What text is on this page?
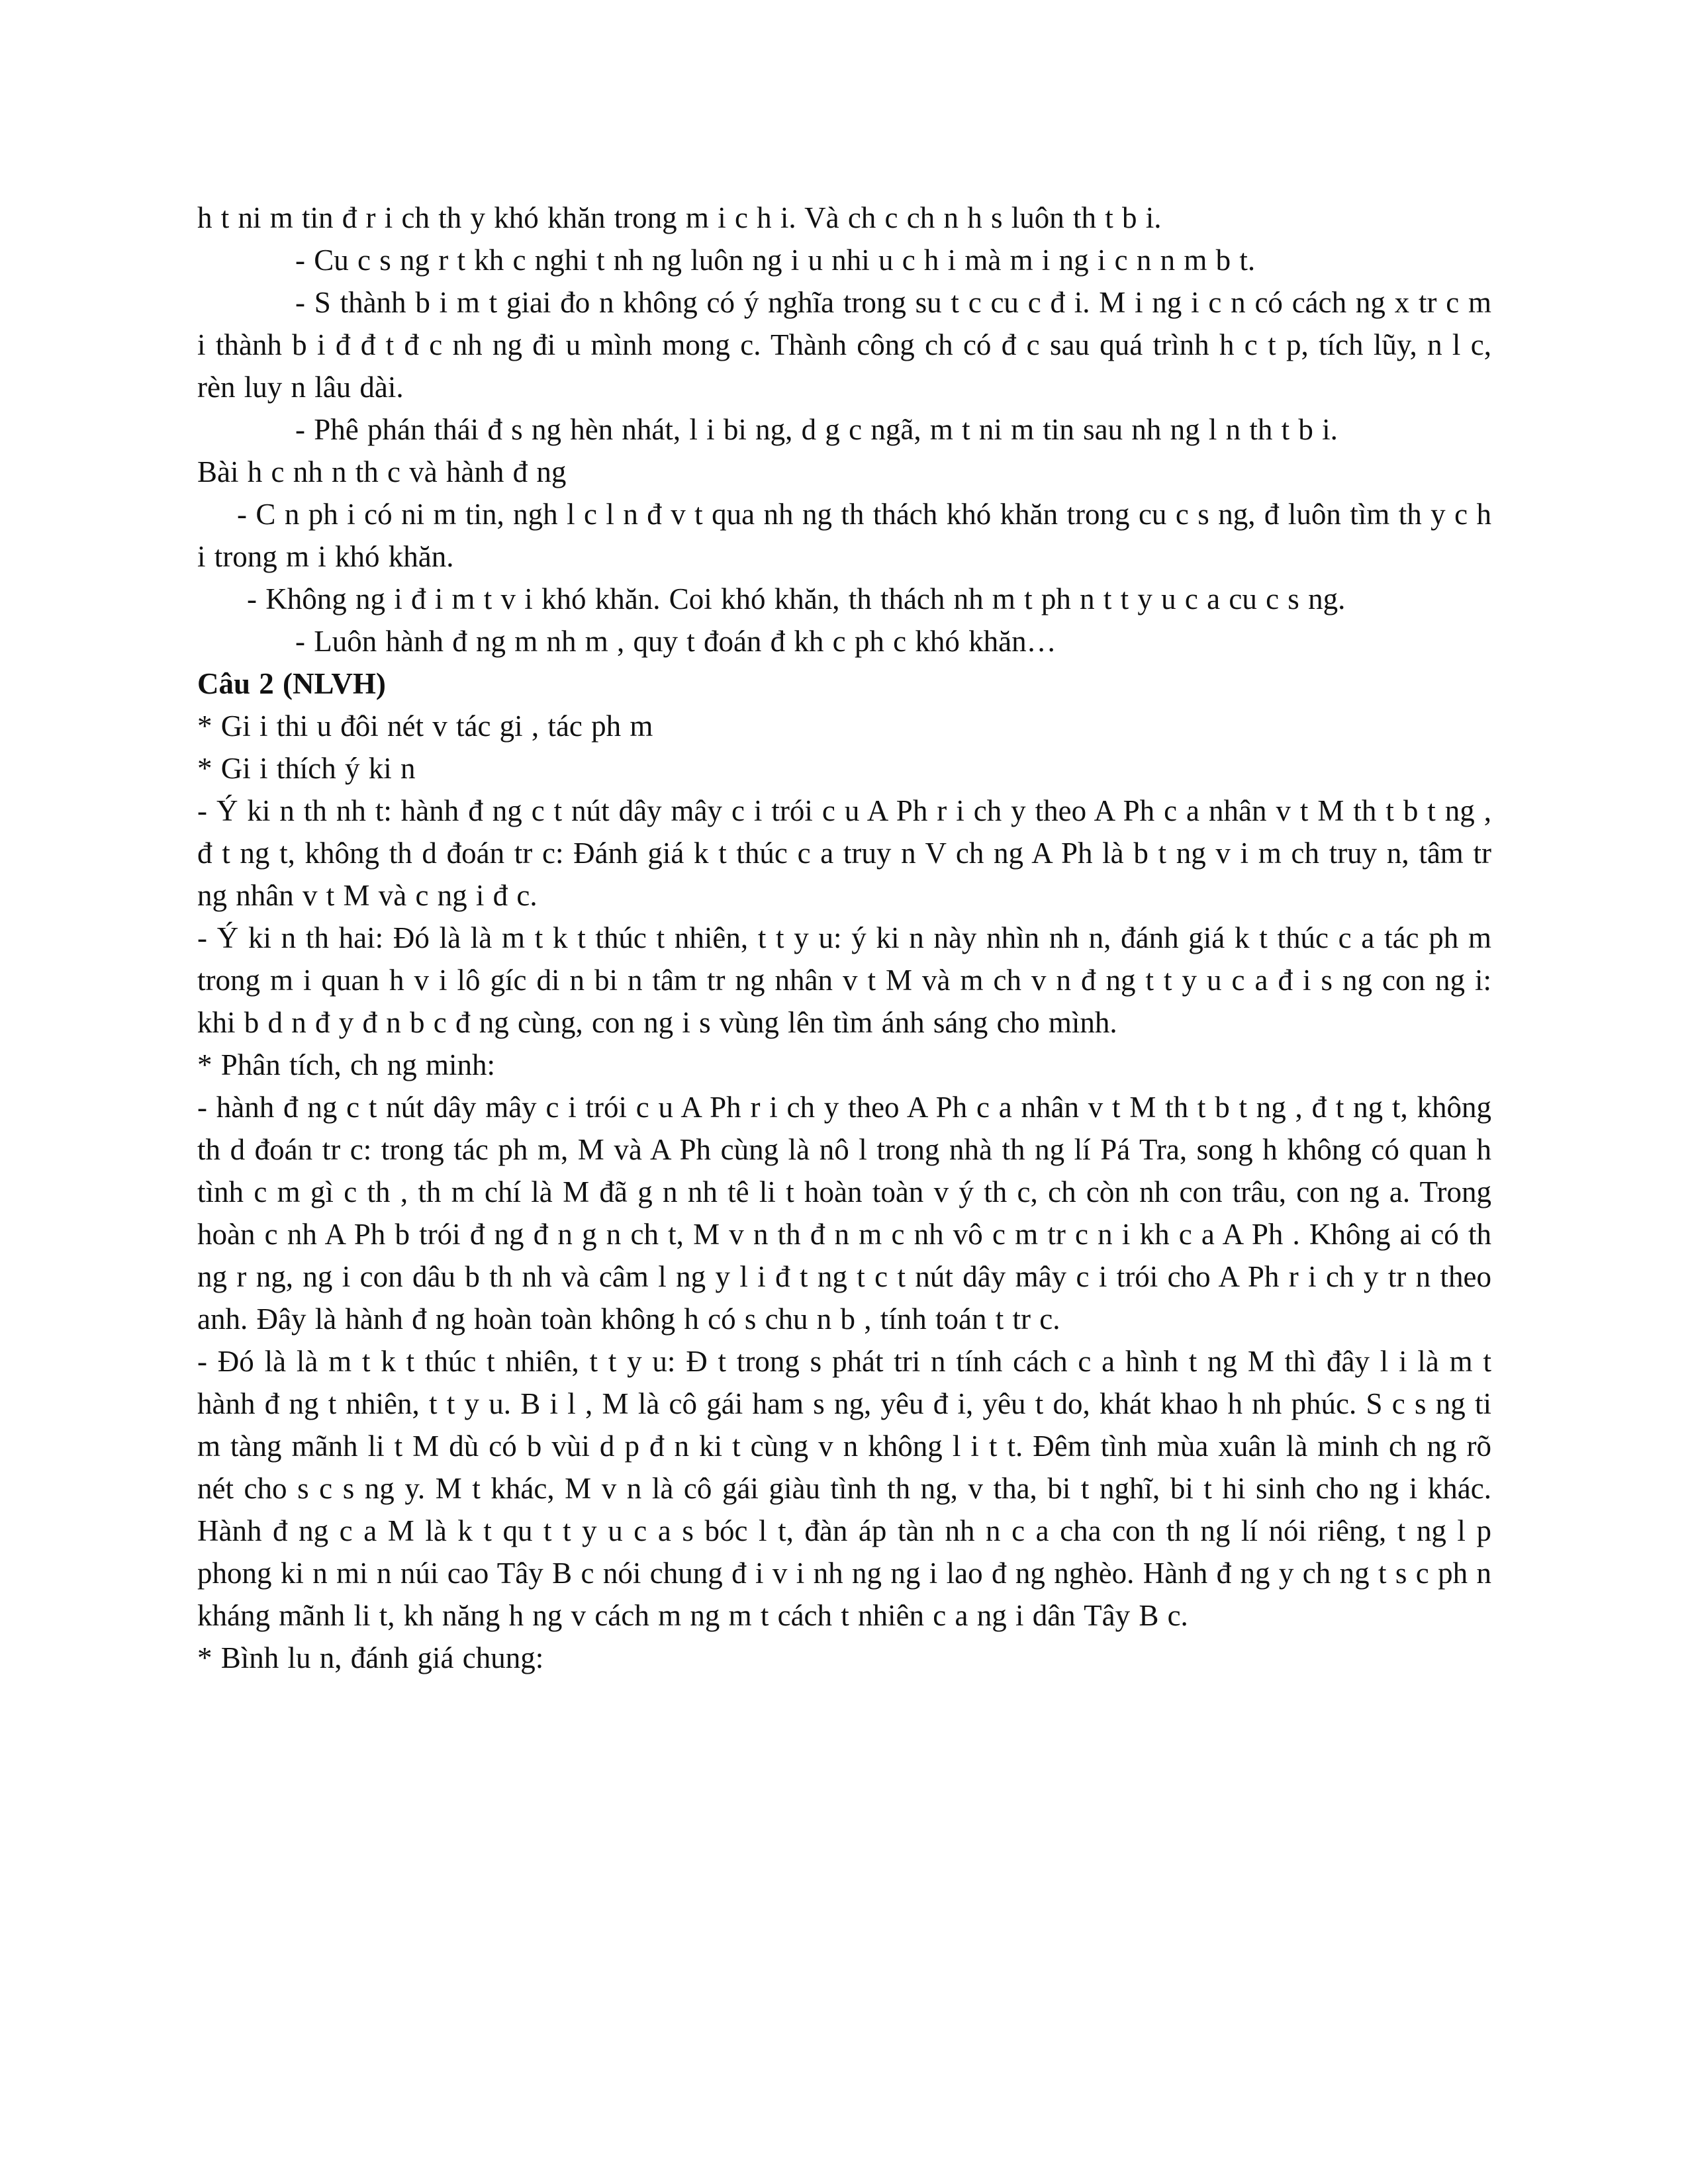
h t ni m tin đ r i ch th y khó khăn trong m i c h i. Và ch c ch n h s luôn th t b i.

- Cu c s ng r t kh c nghi t nh ng luôn ng i u nhi u c h i mà m i ng i c n n m b t.

- S thành b i m t giai đo n không có ý nghĩa trong su t c cu c đ i. M i ng i c n có cách ng x tr c m i thành b i đ đ t đ c nh ng đi u mình mong c. Thành công ch có đ c sau quá trình h c t p, tích lũy, n l c, rèn luy n lâu dài.

- Phê phán thái đ s ng hèn nhát, l i bi ng, d g c ngã, m t ni m tin sau nh ng l n th t b i.

Bài h c nh n th c và hành đ ng

- C n ph i có ni m tin, ngh l c l n đ v t qua nh ng th thách khó khăn trong cu c s ng, đ luôn tìm th y c h i trong m i khó khăn.

- Không ng i đ i m t v i khó khăn. Coi khó khăn, th thách nh m t ph n t t y u c a cu c s ng.

- Luôn hành đ ng m nh m , quy t đoán đ kh c ph c khó khăn…

Câu 2 (NLVH)

* Gi i thi u đôi nét v tác gi , tác ph m

* Gi i thích ý ki n

- Ý ki n th nh t: hành đ ng c t nút dây mây c i trói c u A Ph r i ch y theo A Ph c a nhân v t M th t b t ng , đ t ng t, không th d đoán tr c: Đánh giá k t thúc c a truy n V ch ng A Ph là b t ng v i m ch truy n, tâm tr ng nhân v t M và c ng i đ c.

- Ý ki n th hai: Đó là là m t k t thúc t nhiên, t t y u: ý ki n này nhìn nh n, đánh giá k t thúc c a tác ph m trong m i quan h v i lô gíc di n bi n tâm tr ng nhân v t M và m ch v n đ ng t t y u c a đ i s ng con ng i: khi b d n đ y đ n b c đ ng cùng, con ng i s vùng lên tìm ánh sáng cho mình.

* Phân tích, ch ng minh:

- hành đ ng c t nút dây mây c i trói c u A Ph r i ch y theo A Ph c a nhân v t M th t b t ng , đ t ng t, không th d đoán tr c: trong tác ph m, M và A Ph cùng là nô l trong nhà th ng lí Pá Tra, song h không có quan h tình c m gì c th , th m chí là M đã g n nh tê li t hoàn toàn v ý th c, ch còn nh con trâu, con ng a. Trong hoàn c nh A Ph b trói đ ng đ n g n ch t, M v n th đ n m c nh vô c m tr c n i kh c a A Ph . Không ai có th ng r ng, ng i con dâu b th nh và câm l ng y l i đ t ng t c t nút dây mây c i trói cho A Ph r i ch y tr n theo anh. Đây là hành đ ng hoàn toàn không h có s chu n b , tính toán t tr c.

- Đó là là m t k t thúc t nhiên, t t y u: Đ t trong s phát tri n tính cách c a hình t ng M thì đây l i là m t hành đ ng t nhiên, t t y u. B i l , M là cô gái ham s ng, yêu đ i, yêu t do, khát khao h nh phúc. S c s ng ti m tàng mãnh li t M dù có b vùi d p đ n ki t cùng v n không l i t t. Đêm tình mùa xuân là minh ch ng rõ nét cho s c s ng y. M t khác, M v n là cô gái giàu tình th ng, v tha, bi t nghĩ, bi t hi sinh cho ng i khác. Hành đ ng c a M là k t qu t t y u c a s bóc l t, đàn áp tàn nh n c a cha con th ng lí nói riêng, t ng l p phong ki n mi n núi cao Tây B c nói chung đ i v i nh ng ng i lao đ ng nghèo. Hành đ ng y ch ng t s c ph n kháng mãnh li t, kh năng h ng v cách m ng m t cách t nhiên c a ng i dân Tây B c.

* Bình lu n, đánh giá chung:
